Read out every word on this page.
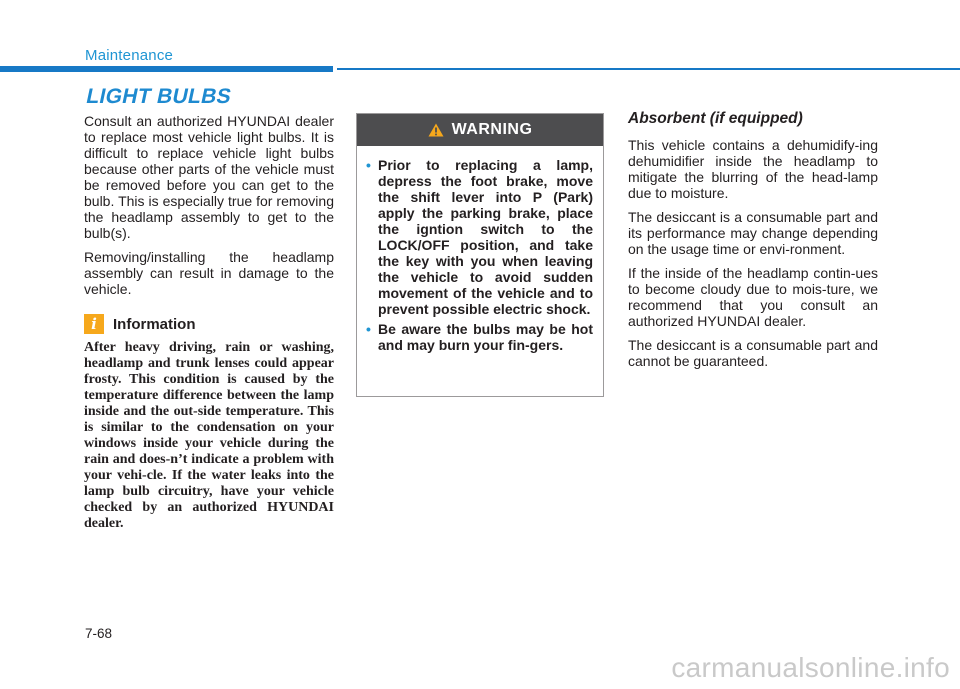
Maintenance
LIGHT BULBS

Consult an authorized HYUNDAI dealer to replace most vehicle light bulbs. It is difficult to replace vehicle light bulbs because other parts of the vehicle must be removed before you can get to the bulb. This is especially true for removing the headlamp assembly to get to the bulb(s).

Removing/installing the headlamp assembly can result in damage to the vehicle.

i	Information

After heavy driving, rain or washing, headlamp and trunk lenses could appear frosty. This condition is caused by the temperature difference between the lamp inside and the out-side temperature. This is similar to the condensation on your windows inside your vehicle during the rain and does-n’t indicate a problem with your vehi-cle. If the water leaks into the lamp bulb circuitry, have your vehicle checked by an authorized HYUNDAI dealer.

WARNING
• Prior to replacing a lamp, depress the foot brake, move the shift lever into P (Park) apply the parking brake, place the igntion switch to the LOCK/OFF position, and take the key with you when leaving the vehicle to avoid sudden movement of the vehicle and to prevent possible electric shock.
• Be aware the bulbs may be hot and may burn your fin-gers.
Absorbent (if equipped)

This vehicle contains a dehumidify-ing dehumidifier inside the headlamp to mitigate the blurring of the head-lamp due to moisture.

The desiccant is a consumable part and its performance may change depending on the usage time or envi-ronment.

If the inside of the headlamp contin-ues to become cloudy due to mois-ture, we recommend that you consult an authorized HYUNDAI dealer.

The desiccant is a consumable part and cannot be guaranteed.

7-68
carmanualsonline.info
